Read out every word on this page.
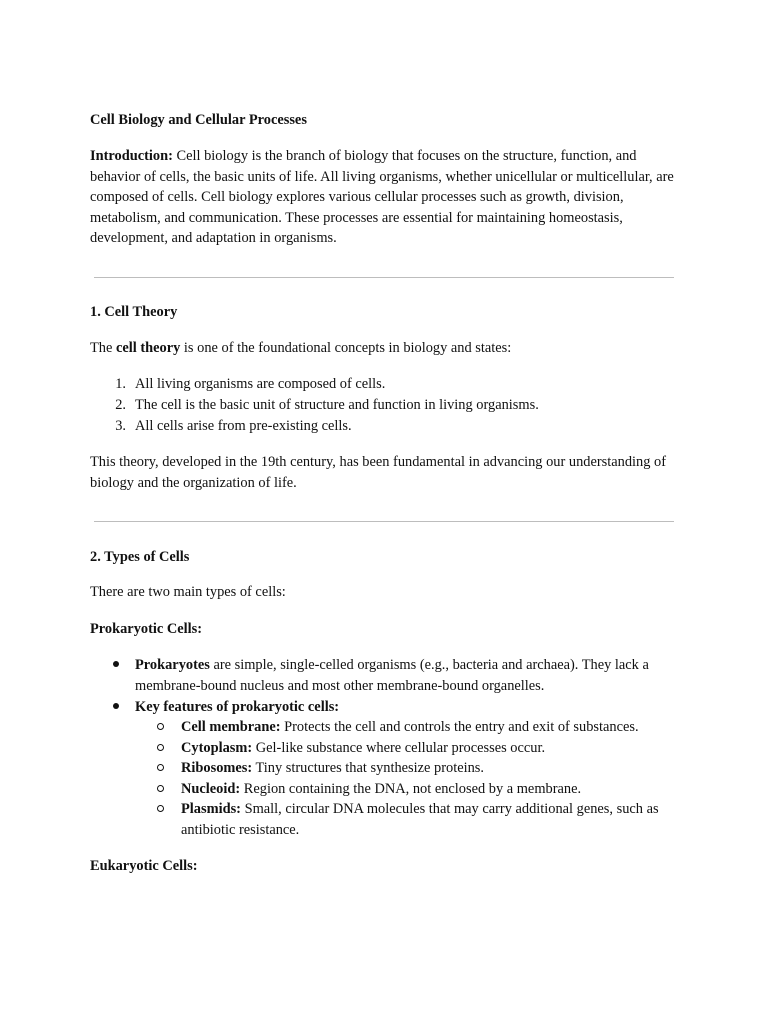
Cell Biology and Cellular Processes

Introduction: Cell biology is the branch of biology that focuses on the structure, function, and behavior of cells, the basic units of life. All living organisms, whether unicellular or multicellular, are composed of cells. Cell biology explores various cellular processes such as growth, division, metabolism, and communication. These processes are essential for maintaining homeostasis, development, and adaptation in organisms.

1. Cell Theory

The cell theory is one of the foundational concepts in biology and states:

1. All living organisms are composed of cells.
2. The cell is the basic unit of structure and function in living organisms.
3. All cells arise from pre-existing cells.

This theory, developed in the 19th century, has been fundamental in advancing our understanding of biology and the organization of life.

2. Types of Cells

There are two main types of cells:

Prokaryotic Cells:

Prokaryotes are simple, single-celled organisms (e.g., bacteria and archaea). They lack a membrane-bound nucleus and most other membrane-bound organelles.

Key features of prokaryotic cells:

Cell membrane: Protects the cell and controls the entry and exit of substances.

Cytoplasm: Gel-like substance where cellular processes occur.

Ribosomes: Tiny structures that synthesize proteins.

Nucleoid: Region containing the DNA, not enclosed by a membrane.

Plasmids: Small, circular DNA molecules that may carry additional genes, such as antibiotic resistance.

Eukaryotic Cells:
